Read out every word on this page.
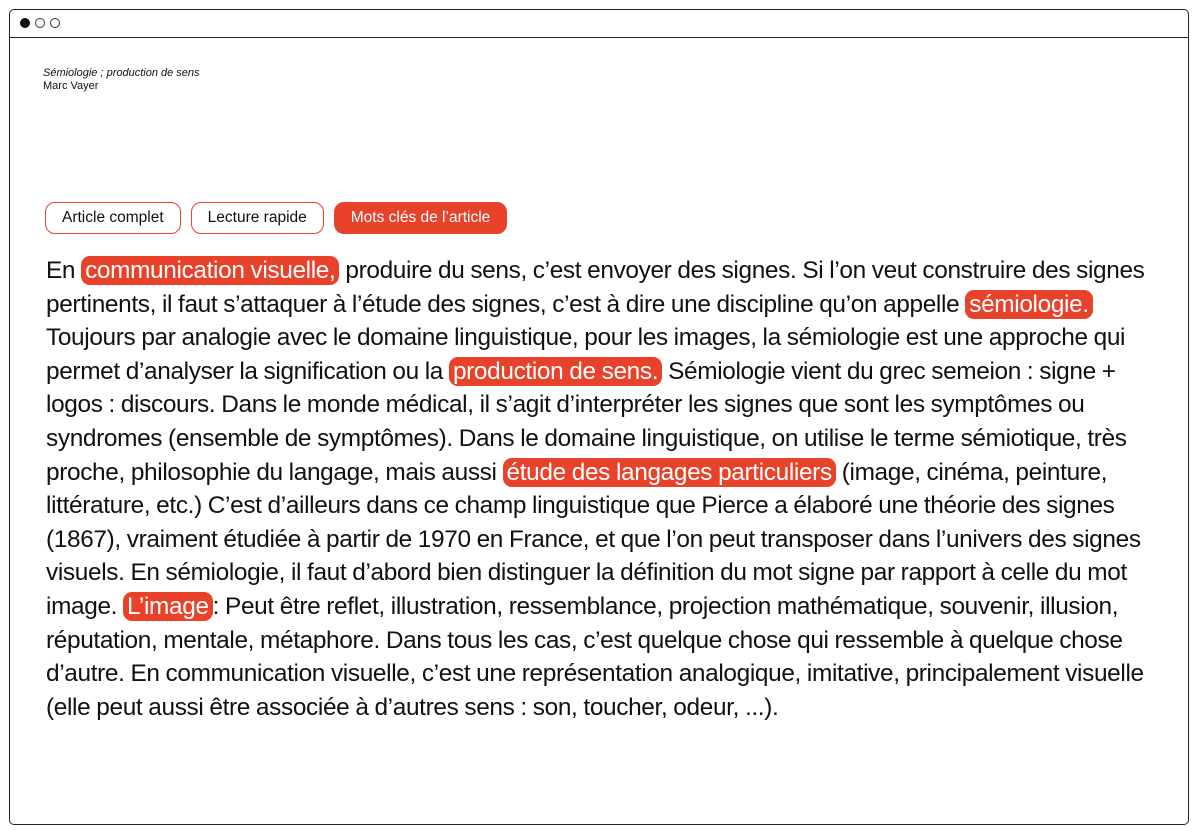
Sémiologie ; production de sens
Marc Vayer
Article complet	Lecture rapide	Mots clés de l’article
En communication visuelle, produire du sens, c’est envoyer des signes. Si l’on veut construire des signes pertinents, il faut s’attaquer à l’étude des signes, c’est à dire une discipline qu’on appelle sémiologie. Toujours par analogie avec le domaine linguistique, pour les images, la sémiologie est une approche qui permet d’analyser la signification ou la production de sens. Sémiologie vient du grec semeion : signe + logos : discours. Dans le monde médical, il s’agit d’interpréter les signes que sont les symptômes ou syndromes (ensemble de symptômes). Dans le domaine linguistique, on utilise le terme sémiotique, très proche, philosophie du langage, mais aussi étude des langages particuliers (image, cinéma, peinture, littérature, etc.) C’est d’ailleurs dans ce champ linguistique que Pierce a élaboré une théorie des signes (1867), vraiment étudiée à partir de 1970 en France, et que l’on peut transposer dans l’univers des signes visuels. En sémiologie, il faut d’abord bien distinguer la définition du mot signe par rapport à celle du mot image. L’image : Peut être reflet, illustration, ressemblance, projection mathématique, souvenir, illusion, réputation, mentale, métaphore. Dans tous les cas, c’est quelque chose qui ressemble à quelque chose d’autre. En communication visuelle, c’est une représentation analogique, imitative, principalement visuelle (elle peut aussi être associée à d’autres sens : son, toucher, odeur, ...).
